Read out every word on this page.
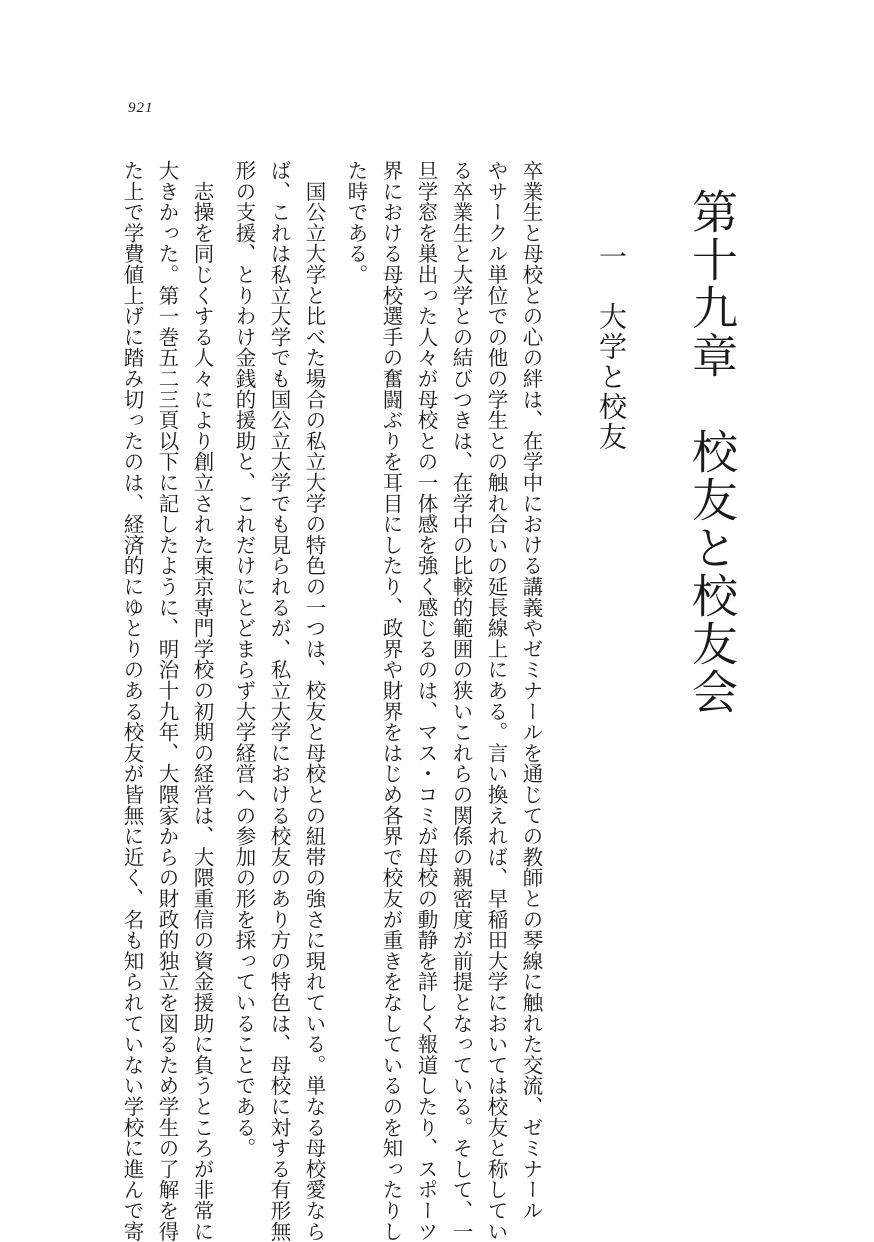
921
第十九章　校友と校友会
一　大学と校友
卒業生と母校との心の絆は、在学中における講義やゼミナールを通じての教師との琴線に触れた交流、ゼミナール
やサークル単位での他の学生との触れ合いの延長線上にある。言い換えれば、早稲田大学においては校友と称してい
る卒業生と大学との結びつきは、在学中の比較的範囲の狭いこれらの関係の親密度が前提となっている。そして、一
旦学窓を巣出った人々が母校との一体感を強く感じるのは、マス・コミが母校の動静を詳しく報道したり、スポーツ
界における母校選手の奮闘ぶりを耳目にしたり、政界や財界をはじめ各界で校友が重きをなしているのを知ったりし
た時である。
　国公立大学と比べた場合の私立大学の特色の一つは、校友と母校との紐帯の強さに現れている。単なる母校愛なら
ば、これは私立大学でも国公立大学でも見られるが、私立大学における校友のあり方の特色は、母校に対する有形無
形の支援、とりわけ金銭的援助と、これだけにとどまらず大学経営への参加の形を採っていることである。
　志操を同じくする人々により創立された東京専門学校の初期の経営は、大隈重信の資金援助に負うところが非常に
大きかった。第一巻五二三頁以下に記したように、明治十九年、大隈家からの財政的独立を図るため学生の了解を得
た上で学費値上げに踏み切ったのは、経済的にゆとりのある校友が皆無に近く、名も知られていない学校に進んで寄
